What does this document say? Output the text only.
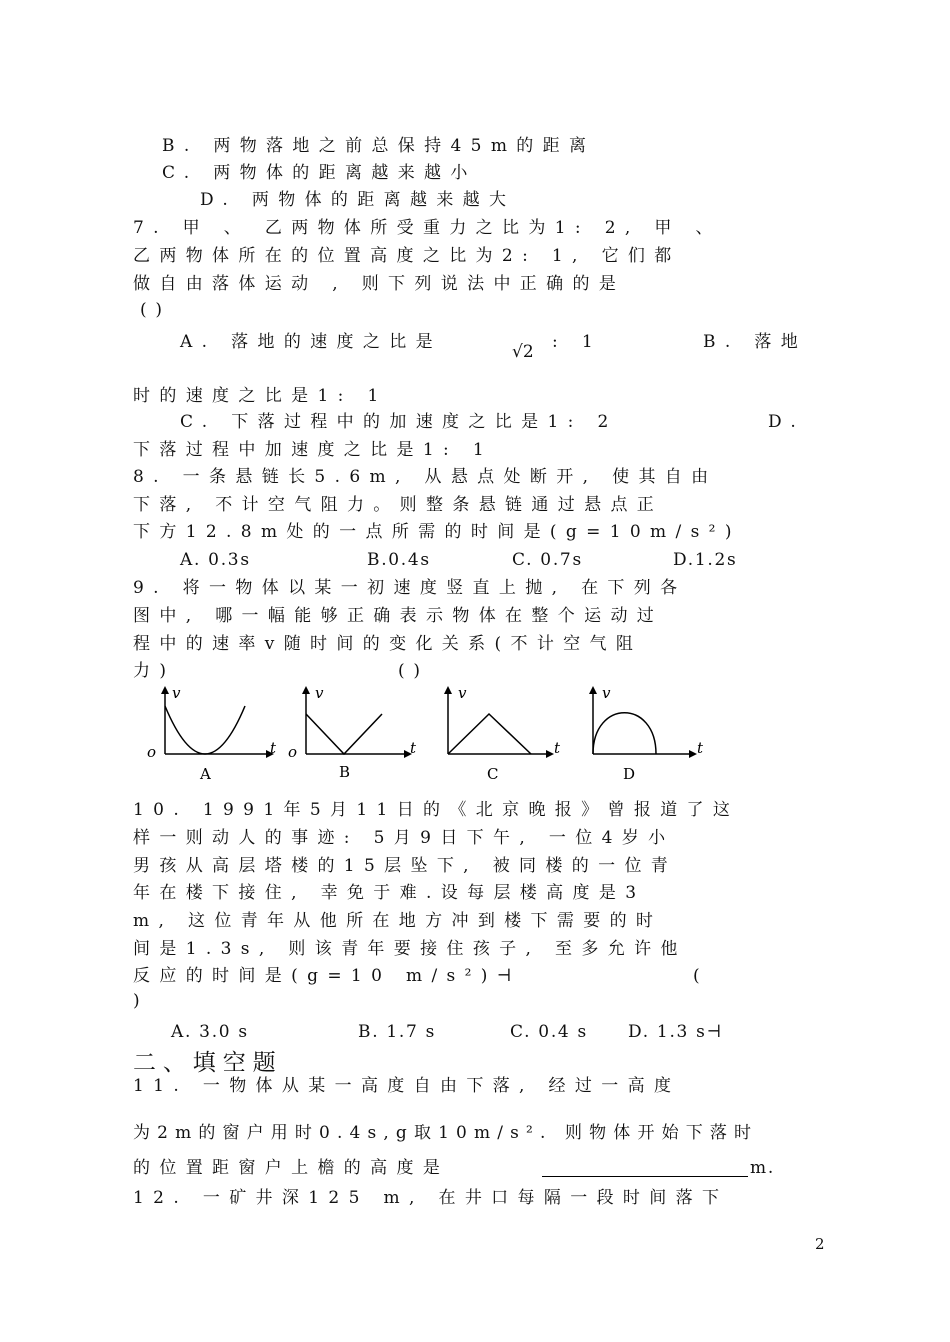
B. 两物落地之前总保持45m的距离
C. 两物体的距离越来越小
D. 两物体的距离越来越大
7. 甲 、 乙两物体所受重力之比为1: 2, 甲 、
乙两物体所在的位置高度之比为2: 1, 它们都
做自由落体运动 , 则下列说法中正确的是
( )
A. 落地的速度之比是	√2 : 1	B. 落地
时的速度之比是1: 1
C. 下落过程中的加速度之比是1: 2	D.
下落过程中加速度之比是1: 1
8. 一条悬链长5.6m, 从悬点处断开, 使其自由
下落, 不计空气阻力。则整条悬链通过悬点正
下方12.8m处的一点所需的时间是(g=10m/s²)
A. 0.3s	B.0.4s	C. 0.7s	D.1.2s
9. 将一物体以某一初速度竖直上抛, 在下列各
图中, 哪一幅能够正确表示物体在整个运动过
程中的速率v随时间的变化关系(不计空气阻
力)	( )
v
t
o
A
v
t
o
B
v
t
C
v
t
D
10. 1991年5月11日的《北京晚报》曾报道了这
样一则动人的事迹: 5月9日下午, 一位4岁小
男孩从高层塔楼的15层坠下, 被同楼的一位青
年在楼下接住, 幸免于难.设每层楼高度是3
m, 这位青年从他所在地方冲到楼下需要的时
间是1.3s, 则该青年要接住孩子, 至多允许他
反应的时间是(g=10 m/s²)⊣	(
)
A. 3.0 s	B. 1.7 s	C. 0.4 s D. 1.3 s⊣
二、填空题
11. 一物体从某一高度自由下落, 经过一高度
为2m的窗户用时0.4s,g取10m/s². 则物体开始下落时
的位置距窗户上檐的高度是	m.
12. 一矿井深125 m, 在井口每隔一段时间落下
2
